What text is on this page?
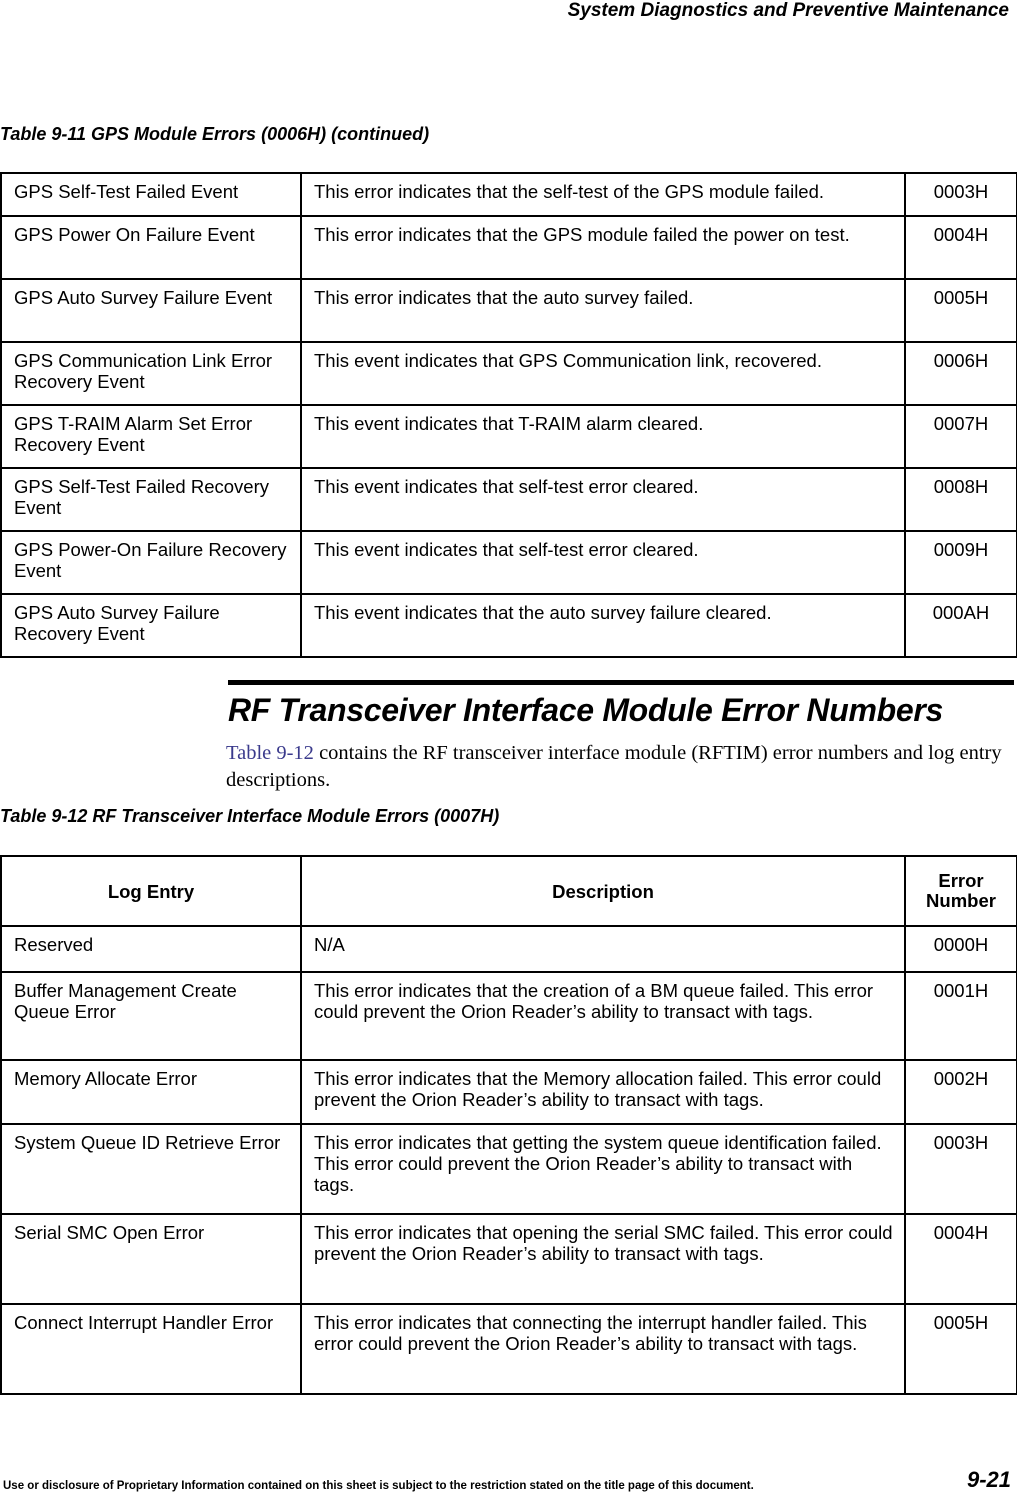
System Diagnostics and Preventive Maintenance
Table 9-11 GPS Module Errors (0006H) (continued)
GPS Self-Test Failed Event	This error indicates that the self-test of the GPS module failed.	0003H
GPS Power On Failure Event	This error indicates that the GPS module failed the power on test.	0004H
GPS Auto Survey Failure Event	This error indicates that the auto survey failed.	0005H
GPS Communication Link Error Recovery Event	This event indicates that GPS Communication link, recovered.	0006H
GPS T-RAIM Alarm Set Error Recovery Event	This event indicates that T-RAIM alarm cleared.	0007H
GPS Self-Test Failed Recovery Event	This event indicates that self-test error cleared.	0008H
GPS Power-On Failure Recovery Event	This event indicates that self-test error cleared.	0009H
GPS Auto Survey Failure Recovery Event	This event indicates that the auto survey failure cleared.	000AH
RF Transceiver Interface Module Error Numbers
Table 9-12 contains the RF transceiver interface module (RFTIM) error numbers and log entry descriptions.
Table 9-12 RF Transceiver Interface Module Errors (0007H)
Log Entry	Description	Error Number
Reserved	N/A	0000H
Buffer Management Create Queue Error	This error indicates that the creation of a BM queue failed. This error could prevent the Orion Reader’s ability to transact with tags.	0001H
Memory Allocate Error	This error indicates that the Memory allocation failed. This error could prevent the Orion Reader’s ability to transact with tags.	0002H
System Queue ID Retrieve Error	This error indicates that getting the system queue identification failed. This error could prevent the Orion Reader’s ability to transact with tags.	0003H
Serial SMC Open Error	This error indicates that opening the serial SMC failed. This error could prevent the Orion Reader’s ability to transact with tags.	0004H
Connect Interrupt Handler Error	This error indicates that connecting the interrupt handler failed. This error could prevent the Orion Reader’s ability to transact with tags.	0005H
Use or disclosure of Proprietary Information contained on this sheet is subject to the restriction stated on the title page of this document.	9-21
